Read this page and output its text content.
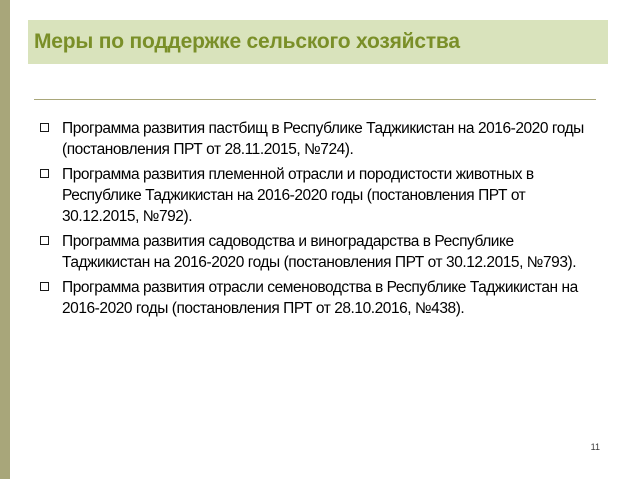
Меры по поддержке сельского хозяйства
Программа развития пастбищ в Республике Таджикистан на 2016-2020 годы (постановления ПРТ от 28.11.2015, №724).
Программа развития племенной отрасли и породистости животных в Республике Таджикистан на 2016-2020 годы (постановления ПРТ от 30.12.2015, №792).
Программа развития садоводства и виноградарства в Республике Таджикистан на 2016-2020 годы (постановления ПРТ от 30.12.2015, №793).
Программа развития отрасли семеноводства в Республике Таджикистан на 2016-2020 годы (постановления ПРТ от 28.10.2016, №438).
11
